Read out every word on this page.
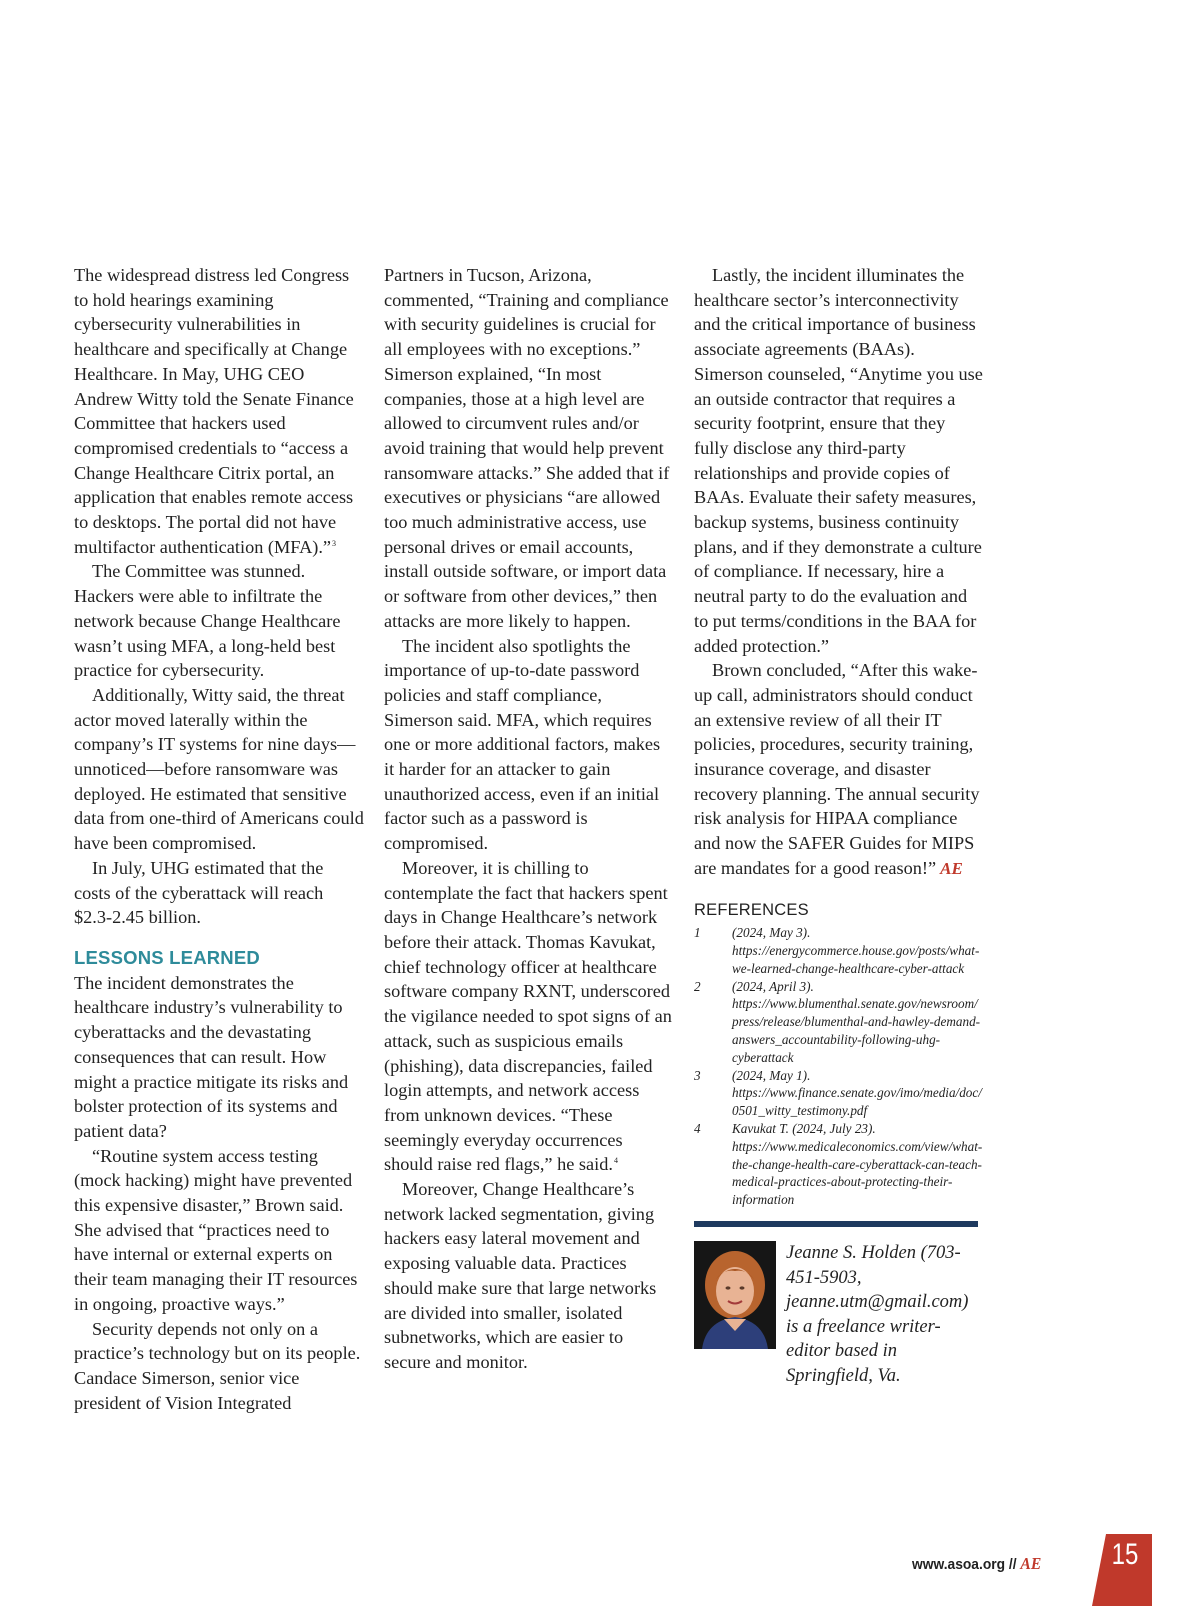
The widespread distress led Congress to hold hearings examining cybersecurity vulnerabilities in healthcare and specifically at Change Healthcare. In May, UHG CEO Andrew Witty told the Senate Finance Committee that hackers used compromised credentials to “access a Change Healthcare Citrix portal, an application that enables remote access to desktops. The portal did not have multifactor authentication (MFA).”$^3$

The Committee was stunned. Hackers were able to infiltrate the network because Change Healthcare wasn’t using MFA, a long-held best practice for cybersecurity.

Additionally, Witty said, the threat actor moved laterally within the company’s IT systems for nine days—unnoticed—before ransomware was deployed. He estimated that sensitive data from one-third of Americans could have been compromised.

In July, UHG estimated that the costs of the cyberattack will reach $2.3-2.45 billion.

LESSONS LEARNED

The incident demonstrates the healthcare industry’s vulnerability to cyberattacks and the devastating consequences that can result. How might a practice mitigate its risks and bolster protection of its systems and patient data?

“Routine system access testing (mock hacking) might have prevented this expensive disaster,” Brown said. She advised that “practices need to have internal or external experts on their team managing their IT resources in ongoing, proactive ways.”

Security depends not only on a practice’s technology but on its people. Candace Simerson, senior vice president of Vision Integrated

Partners in Tucson, Arizona, commented, “Training and compliance with security guidelines is crucial for all employees with no exceptions.” Simerson explained, “In most companies, those at a high level are allowed to circumvent rules and/or avoid training that would help prevent ransomware attacks.” She added that if executives or physicians “are allowed too much administrative access, use personal drives or email accounts, install outside software, or import data or software from other devices,” then attacks are more likely to happen.

The incident also spotlights the importance of up-to-date password policies and staff compliance, Simerson said. MFA, which requires one or more additional factors, makes it harder for an attacker to gain unauthorized access, even if an initial factor such as a password is compromised.

Moreover, it is chilling to contemplate the fact that hackers spent days in Change Healthcare’s network before their attack. Thomas Kavukat, chief technology officer at healthcare software company RXNT, underscored the vigilance needed to spot signs of an attack, such as suspicious emails (phishing), data discrepancies, failed login attempts, and network access from unknown devices. “These seemingly everyday occurrences should raise red flags,” he said.$^4$

Moreover, Change Healthcare’s network lacked segmentation, giving hackers easy lateral movement and exposing valuable data. Practices should make sure that large networks are divided into smaller, isolated subnetworks, which are easier to secure and monitor.

Lastly, the incident illuminates the healthcare sector’s interconnectivity and the critical importance of business associate agreements (BAAs). Simerson counseled, “Anytime you use an outside contractor that requires a security footprint, ensure that they fully disclose any third-party relationships and provide copies of BAAs. Evaluate their safety measures, backup systems, business continuity plans, and if they demonstrate a culture of compliance. If necessary, hire a neutral party to do the evaluation and to put terms/conditions in the BAA for added protection.”

Brown concluded, “After this wake-up call, administrators should conduct an extensive review of all their IT policies, procedures, security training, insurance coverage, and disaster recovery planning. The annual security risk analysis for HIPAA compliance and now the SAFER Guides for MIPS are mandates for a good reason!” AE

REFERENCES
1	(2024, May 3). https://energycommerce.house.gov/posts/what-we-learned-change-healthcare-cyber-attack
2	(2024, April 3). https://www.blumenthal.senate.gov/newsroom/press/release/blumenthal-and-hawley-demand-answers_accountability-following-uhg-cyberattack
3	(2024, May 1). https://www.finance.senate.gov/imo/media/doc/0501_witty_testimony.pdf
4	Kavukat T. (2024, July 23). https://www.medicaleconomics.com/view/what-the-change-health-care-cyberattack-can-teach-medical-practices-about-protecting-their-information
Jeanne S. Holden (703-451-5903, jeanne.utm@gmail.com) is a freelance writer-editor based in Springfield, Va.
www.asoa.org // AE 15
